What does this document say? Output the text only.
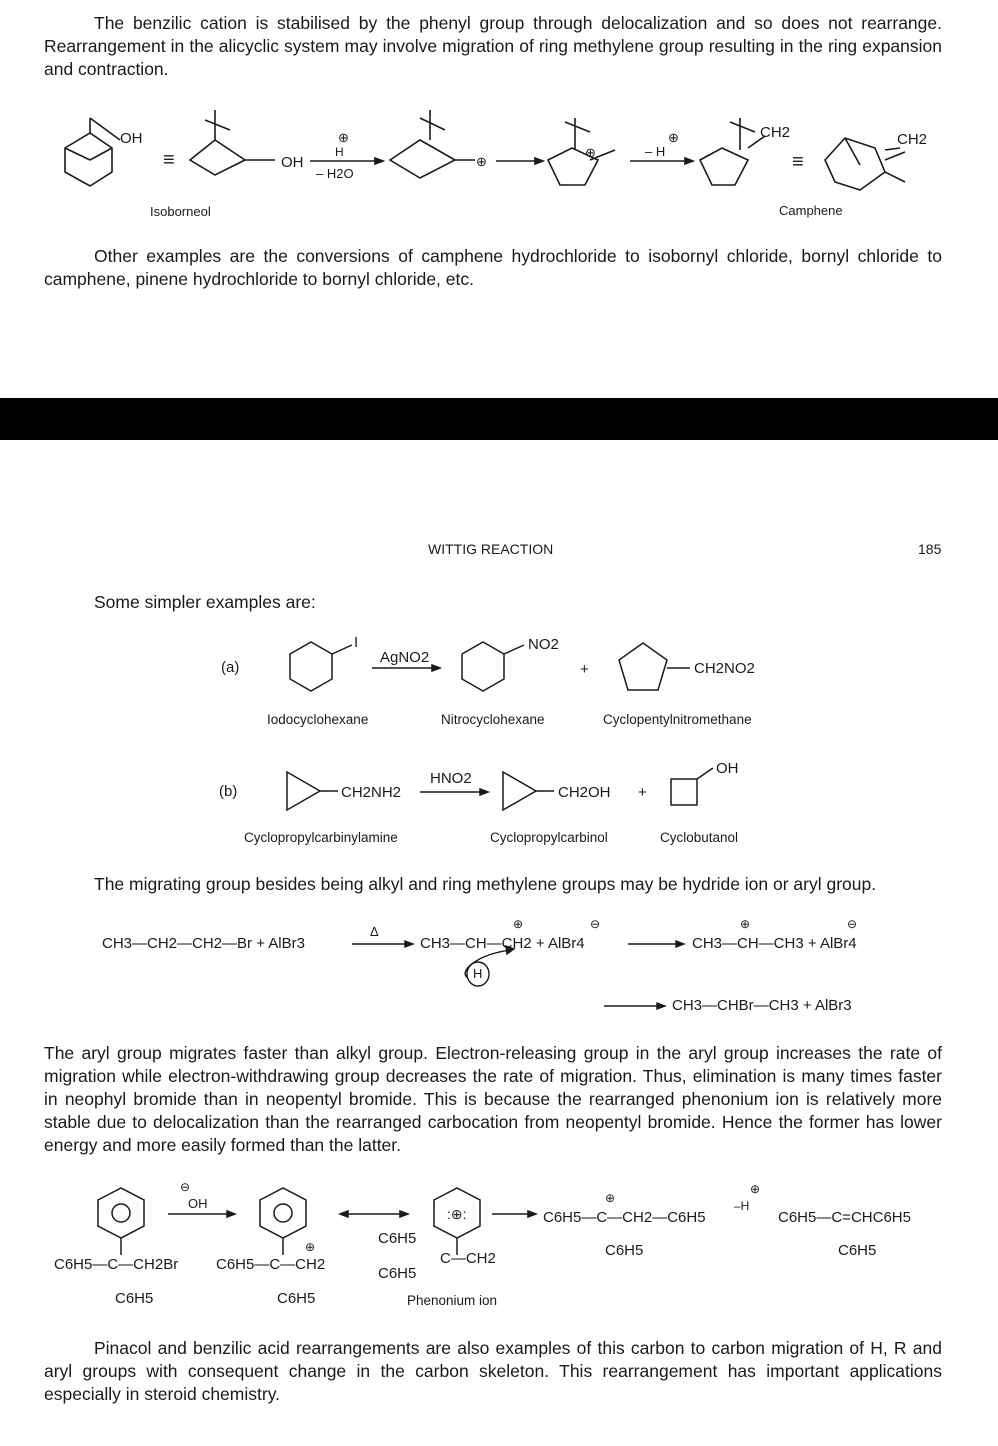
The benzilic cation is stabilised by the phenyl group through delocalization and so does not rearrange. Rearrangement in the alicyclic system may involve migration of ring methylene group resulting in the ring expansion and contraction.

OH
≡	OH
⊕
H
– H2O
⊕
⊕
⊕
– H
CH2
≡
CH2
Isoborneol	Camphene

Other examples are the conversions of camphene hydrochloride to isobornyl chloride, bornyl chloride to camphene, pinene hydrochloride to bornyl chloride, etc.

WITTIG REACTION	185

Some simpler examples are:

:⊕:
(a)
I
AgNO2
NO2
+	CH2NO2
Iodocyclohexane	Nitrocyclohexane	Cyclopentylnitromethane
(b)	CH2NH2
HNO2
CH2OH +
OH
Cyclopropylcarbinylamine	Cyclopropylcarbinol	Cyclobutanol

The migrating group besides being alkyl and ring methylene groups may be hydride ion or aryl group.

CH3—CH2—CH2—Br + AlBr3
Δ
CH3—CH—CH2 + AlBr4
⊕	⊖
H
CH3—CH—CH3 + AlBr4
⊕	⊖
CH3—CHBr—CH3 + AlBr3

The aryl group migrates faster than alkyl group. Electron-releasing group in the aryl group increases the rate of migration while electron-withdrawing group decreases the rate of migration. Thus, elimination is many times faster in neophyl bromide than in neopentyl bromide. This is because the rearranged phenonium ion is relatively more stable due to delocalization than the rearranged carbocation from neopentyl bromide. Hence the former has lower energy and more easily formed than the latter.

C6H5—C—CH2Br
C6H5
⊖
OH
C6H5—C—CH2
⊕
C6H5
C6H5
C6H5
C—CH2
Phenonium ion
C6H5—C—CH2—C6H5
⊕
C6H5
⊕
–H
C6H5—C=CHC6H5
C6H5

Pinacol and benzilic acid rearrangements are also examples of this carbon to carbon migration of H, R and aryl groups with consequent change in the carbon skeleton. This rearrangement has important applications especially in steroid chemistry.
